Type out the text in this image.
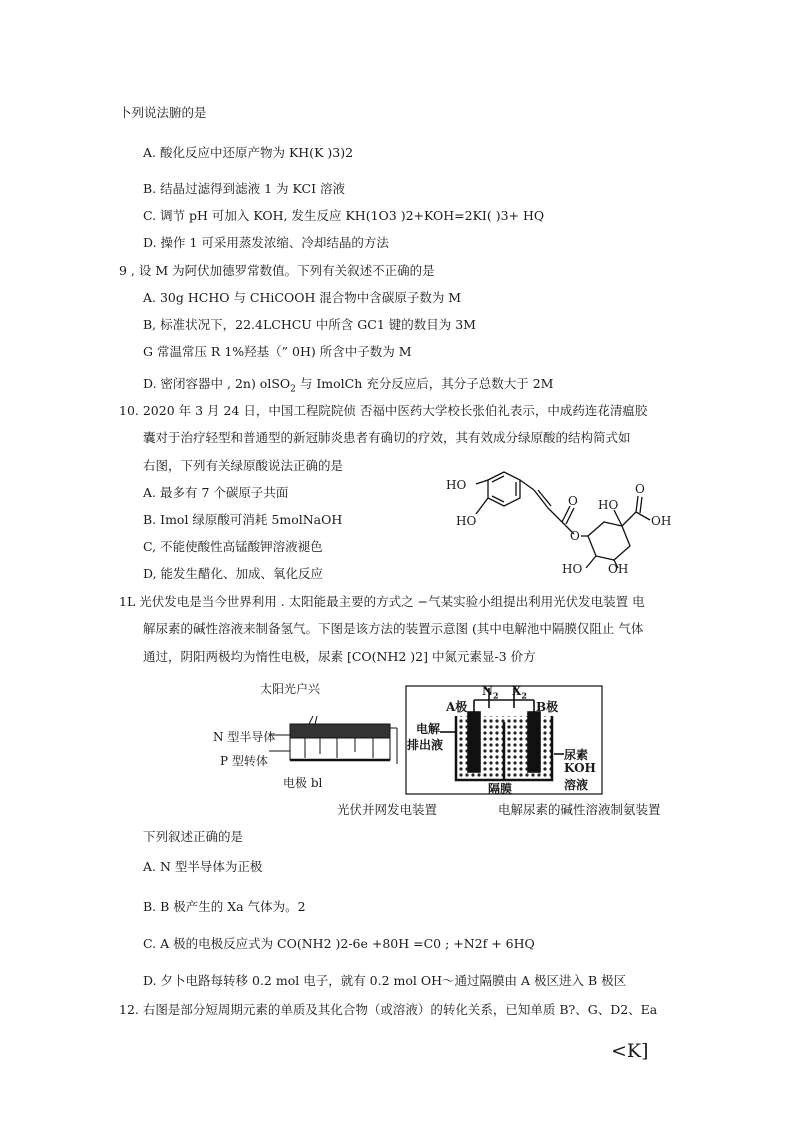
卜列说法腑的是
A. 酸化反应中还原产物为 KH(K )3)2
B. 结晶过滤得到滤液 1 为 KCI 溶液
C. 调节 pH 可加入 KOH, 发生反应 KH(1O3 )2+KOH=2KI( )3+ HQ
D. 操作 1 可采用蒸发浓缩、冷却结晶的方法
9 , 设 M 为阿伏加德罗常数值。下列有关叙述不正确的是
A. 30g HCHO 与 CHiCOOH 混合物中含碳原子数为 M
B, 标准状况下，22.4LCHCU 中所含 GC1 键的数目为 3M
G 常温常压 R 1%羟基（” 0H) 所含中子数为 M
D. 密闭容器中 , 2n) olSO$_2$ 与 ImolCh 充分反应后，其分子总数大于 2M
10. 2020 年 3 月 24 日，中国工程院院侦 否福中医药大学校长张伯礼表示，中成药连花清瘟胶
囊对于治疗轻型和普通型的新冠肺炎患者有确切的疗效，其有效成分绿原酸的结构简式如
右图，下列有关绿原酸说法正确的是
A. 最多有 7 个碳原子共面
B. Imol 绿原酸可消耗 5molNaOH
C, 不能使酸性高锰酸钾溶液褪色
D, 能发生醋化、加成、氧化反应
HO
HO
O
O
HO
O
OH
HO OH
1L 光伏发电是当今世界利用 . 太阳能最主要的方式之 −气某实验小组提出利用光伏发电装置 电
解尿素的碱性溶液来制备氢气。下图是该方法的装置示意图 (其中电解池中隔膜仅阻止 气体
通过，阴阳两极均为惰性电极，尿素 [CO(NH2 )2] 中氮元素显-3 价方
太阳光户兴
N 型半导体
P 型转体
电极 bl
光伏并网发电装置
A极
$N_2$ $X_2$
B极
电解
排出液
尿素
KOH
溶液
隔膜
电解尿素的碱性溶液制氨装置
下列叙述正确的是
A. N 型半导体为正极
B. B 极产生的 Xa 气体为。2
C. A 极的电极反应式为 CO(NH2 )2-6e +80H =C0 ; +N2f + 6HQ
D. 夕卜电路每转移 0.2 mol 电子，就有 0.2 mol OH～通过隔膜由 A 极区进入 B 极区
12. 右图是部分短周期元素的单质及其化合物（或溶液）的转化关系，已知单质 B?、G、D2、Ea
<K]
